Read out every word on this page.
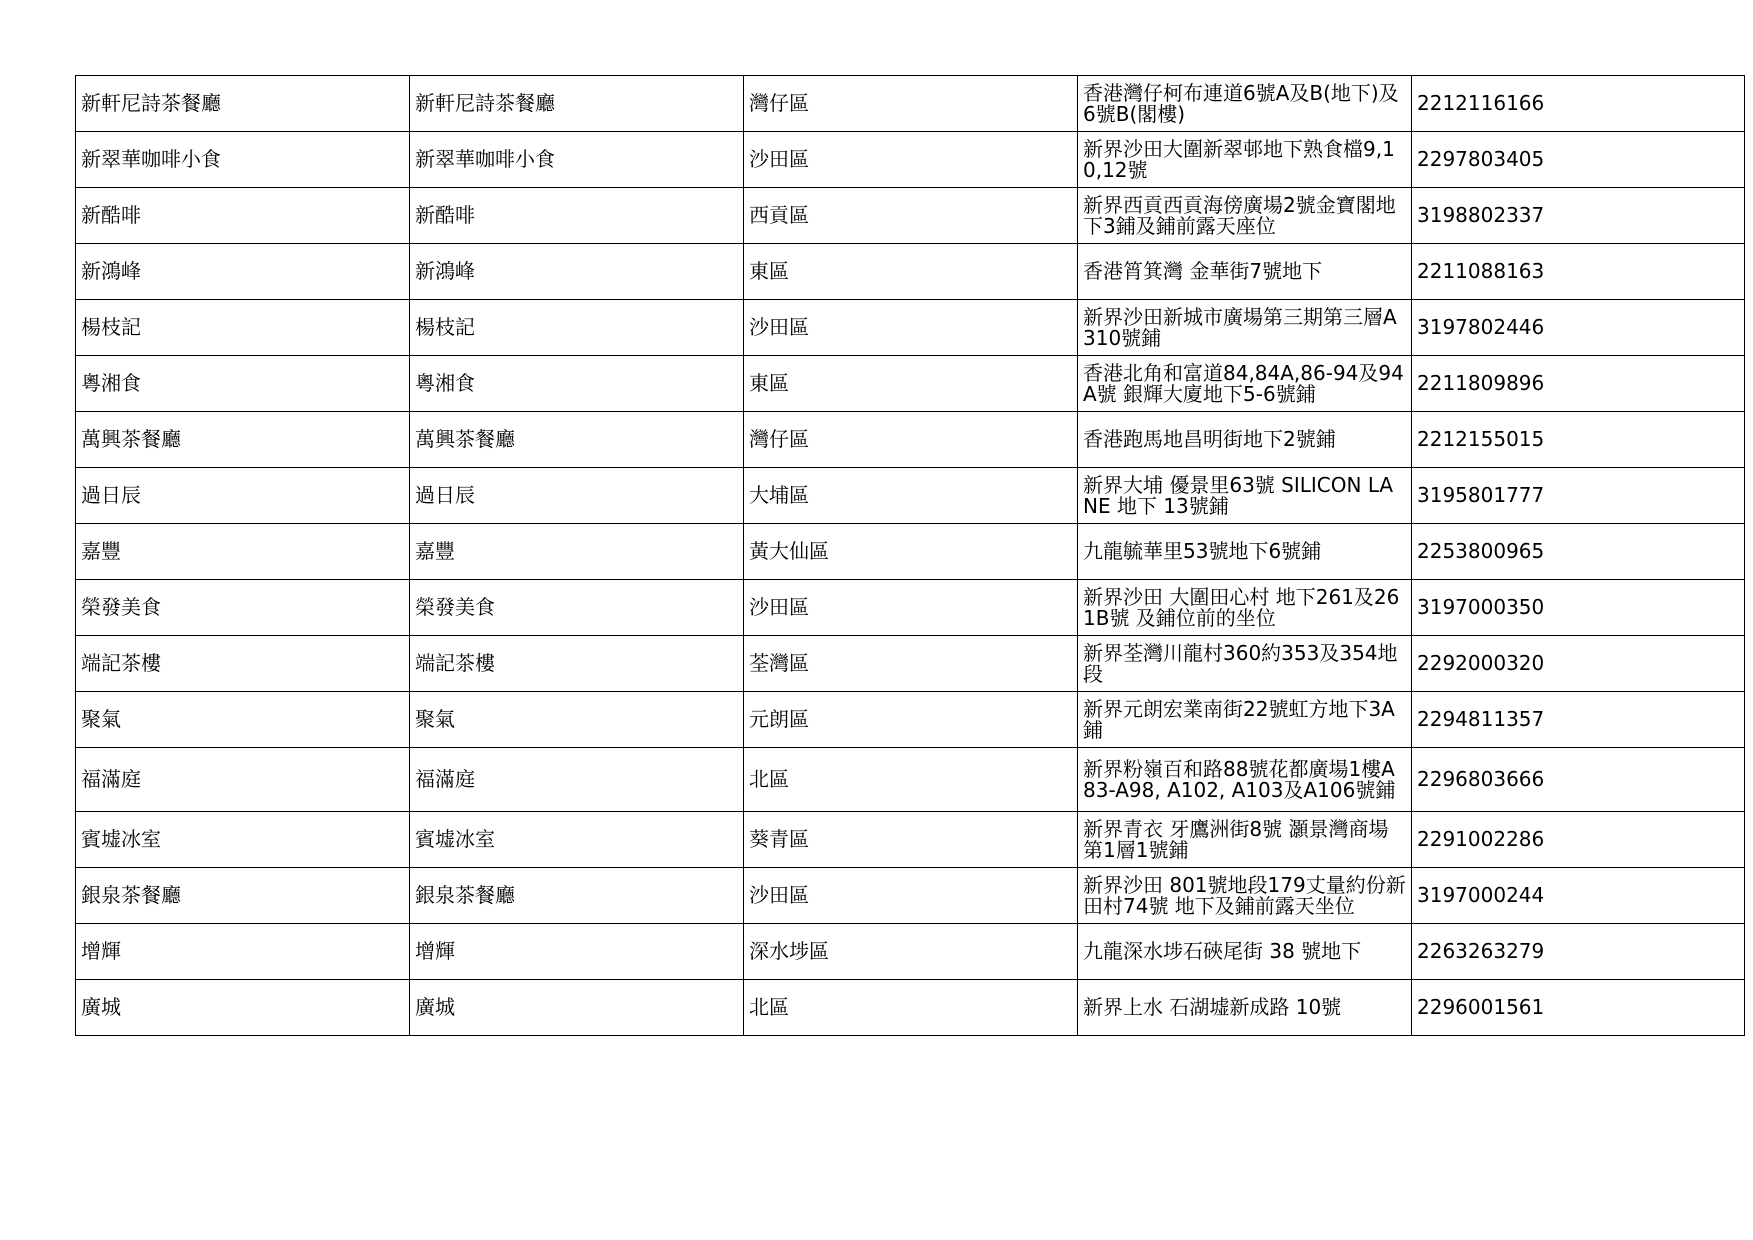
新軒尼詩茶餐廳	新軒尼詩茶餐廳	灣仔區	香港灣仔柯布連道6號A及B(地下)及6號B(閣樓)	2212116166
新翠華咖啡小食	新翠華咖啡小食	沙田區	新界沙田大圍新翠邨地下熟食檔9,10,12號	2297803405
新酷啡	新酷啡	西貢區	新界西貢西貢海傍廣場2號金寶閣地下3鋪及鋪前露天座位	3198802337
新鴻峰	新鴻峰	東區	香港筲箕灣 金華街7號地下	2211088163
楊枝記	楊枝記	沙田區	新界沙田新城市廣場第三期第三層A310號鋪	3197802446
粵湘食	粵湘食	東區	香港北角和富道84,84A,86-94及94A號 銀輝大廈地下5-6號鋪	2211809896
萬興茶餐廳	萬興茶餐廳	灣仔區	香港跑馬地昌明街地下2號鋪	2212155015
過日辰	過日辰	大埔區	新界大埔 優景里63號 SILICON LANE 地下 13號鋪	3195801777
嘉豐	嘉豐	黃大仙區	九龍毓華里53號地下6號鋪	2253800965
榮發美食	榮發美食	沙田區	新界沙田 大圍田心村 地下261及261B號 及鋪位前的坐位	3197000350
端記茶樓	端記茶樓	荃灣區	新界荃灣川龍村360約353及354地段	2292000320
聚氣	聚氣	元朗區	新界元朗宏業南街22號虹方地下3A鋪	2294811357
福滿庭	福滿庭	北區	新界粉嶺百和路88號花都廣場1樓A83-A98, A102, A103及A106號鋪	2296803666
賓墟冰室	賓墟冰室	葵青區	新界青衣 牙鷹洲街8號 灝景灣商場第1層1號鋪	2291002286
銀泉茶餐廳	銀泉茶餐廳	沙田區	新界沙田 801號地段179丈量約份新田村74號 地下及鋪前露天坐位	3197000244
增輝	增輝	深水埗區	九龍深水埗石硤尾街 38 號地下	2263263279
廣城	廣城	北區	新界上水 石湖墟新成路 10號	2296001561
